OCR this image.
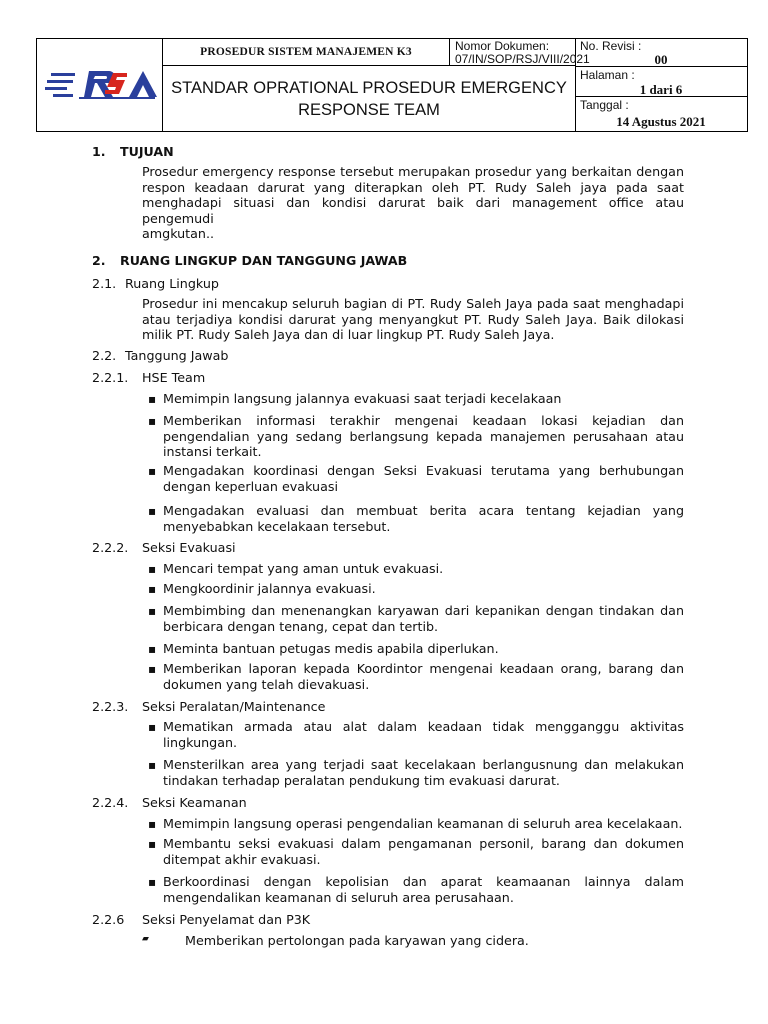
PROSEDUR SISTEM MANAJEMEN K3
STANDAR OPRATIONAL PROSEDUR EMERGENCY
RESPONSE TEAM
Nomor Dokumen:
07/IN/SOP/RSJ/VIII/2021
No. Revisi :
00
Halaman :
1 dari 6
Tanggal :
14 Agustus 2021
1. TUJUAN
Prosedur emergency response tersebut merupakan prosedur yang berkaitan dengan
respon keadaan darurat yang diterapkan oleh PT. Rudy Saleh jaya pada saat
menghadapi situasi dan kondisi darurat baik dari management office atau pengemudi
amgkutan..
2. RUANG LINGKUP DAN TANGGUNG JAWAB
2.1. Ruang Lingkup
Prosedur ini mencakup seluruh bagian di PT. Rudy Saleh Jaya pada saat menghadapi
atau terjadiya kondisi darurat yang menyangkut PT. Rudy Saleh Jaya. Baik dilokasi
milik PT. Rudy Saleh Jaya dan di luar lingkup PT. Rudy Saleh Jaya.
2.2. Tanggung Jawab
2.2.1. HSE Team
▪ Memimpin langsung jalannya evakuasi saat terjadi kecelakaan
▪ Memberikan informasi terakhir mengenai keadaan lokasi kejadian dan
pengendalian yang sedang berlangsung kepada manajemen perusahaan atau
instansi terkait.
▪ Mengadakan koordinasi dengan Seksi Evakuasi terutama yang berhubungan
dengan keperluan evakuasi
▪ Mengadakan evaluasi dan membuat berita acara tentang kejadian yang
menyebabkan kecelakaan tersebut.
2.2.2. Seksi Evakuasi
▪ Mencari tempat yang aman untuk evakuasi.
▪ Mengkoordinir jalannya evakuasi.
▪ Membimbing dan menenangkan karyawan dari kepanikan dengan tindakan dan
berbicara dengan tenang, cepat dan tertib.
▪ Meminta bantuan petugas medis apabila diperlukan.
▪ Memberikan laporan kepada Koordintor mengenai keadaan orang, barang dan
dokumen yang telah dievakuasi.
2.2.3. Seksi Peralatan/Maintenance
▪ Mematikan armada atau alat dalam keadaan tidak mengganggu aktivitas
lingkungan.
▪ Mensterilkan area yang terjadi saat kecelakaan berlangusnung dan melakukan
tindakan terhadap peralatan pendukung tim evakuasi darurat.
2.2.4. Seksi Keamanan
▪ Memimpin langsung operasi pengendalian keamanan di seluruh area kecelakaan.
▪ Membantu seksi evakuasi dalam pengamanan personil, barang dan dokumen
ditempat akhir evakuasi.
▪ Berkoordinasi dengan kepolisian dan aparat keamaanan lainnya dalam
mengendalikan keamanan di seluruh area perusahaan.
2.2.6 Seksi Penyelamat dan P3K
▰	Memberikan pertolongan pada karyawan yang cidera.
